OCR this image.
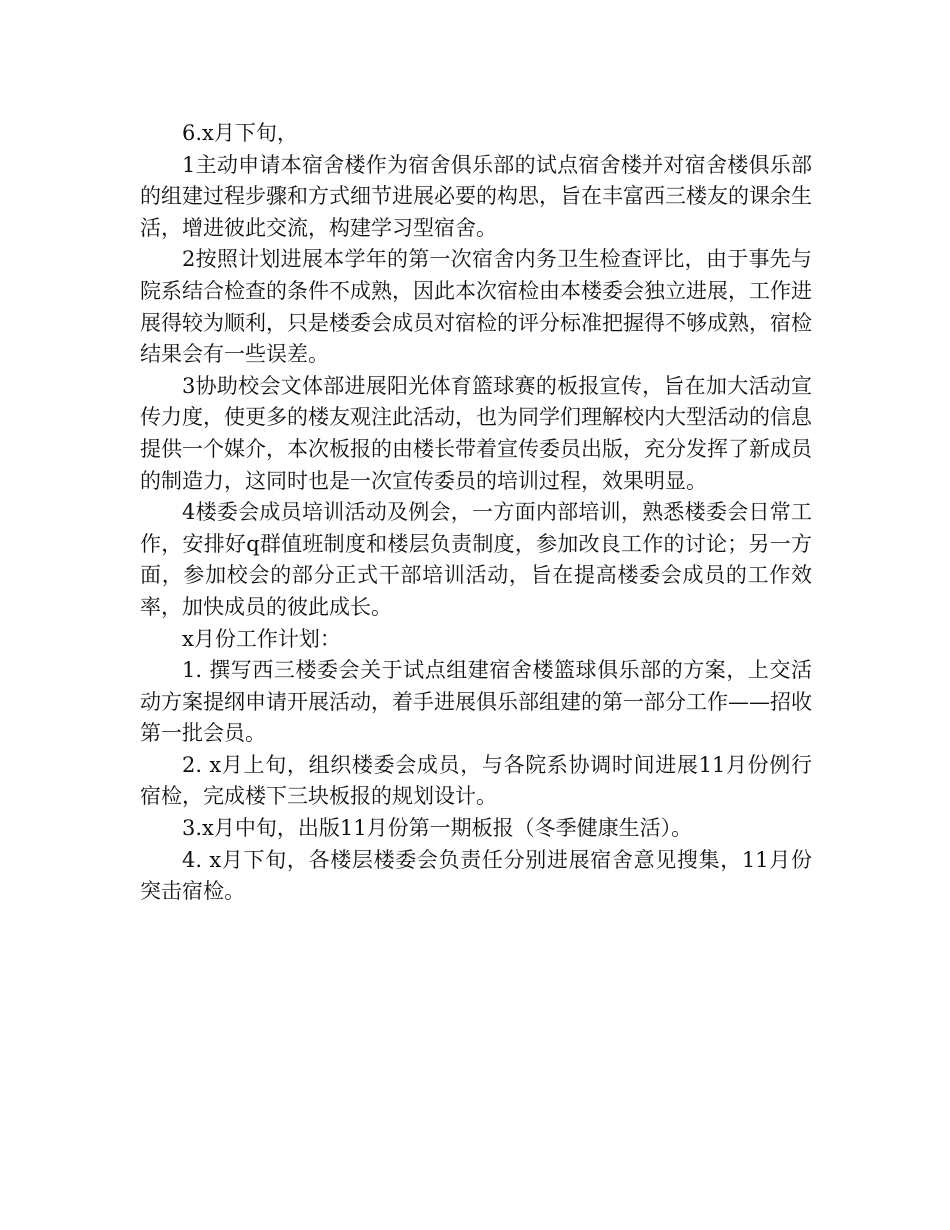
6.x月下旬，

1主动申请本宿舍楼作为宿舍俱乐部的试点宿舍楼并对宿舍楼俱乐部的组建过程步骤和方式细节进展必要的构思，旨在丰富西三楼友的课余生活，增进彼此交流，构建学习型宿舍。

2按照计划进展本学年的第一次宿舍内务卫生检查评比，由于事先与院系结合检查的条件不成熟，因此本次宿检由本楼委会独立进展，工作进展得较为顺利，只是楼委会成员对宿检的评分标准把握得不够成熟，宿检结果会有一些误差。

3协助校会文体部进展阳光体育篮球赛的板报宣传，旨在加大活动宣传力度，使更多的楼友观注此活动，也为同学们理解校内大型活动的信息提供一个媒介，本次板报的由楼长带着宣传委员出版，充分发挥了新成员的制造力，这同时也是一次宣传委员的培训过程，效果明显。

4楼委会成员培训活动及例会，一方面内部培训，熟悉楼委会日常工作，安排好q群值班制度和楼层负责制度，参加改良工作的讨论；另一方面，参加校会的部分正式干部培训活动，旨在提高楼委会成员的工作效率，加快成员的彼此成长。

x月份工作计划：

1. 撰写西三楼委会关于试点组建宿舍楼篮球俱乐部的方案，上交活动方案提纲申请开展活动，着手进展俱乐部组建的第一部分工作——招收第一批会员。

2. x月上旬，组织楼委会成员，与各院系协调时间进展11月份例行宿检，完成楼下三块板报的规划设计。

3.x月中旬，出版11月份第一期板报（冬季健康生活）。

4. x月下旬，各楼层楼委会负责任分别进展宿舍意见搜集，11月份突击宿检。
